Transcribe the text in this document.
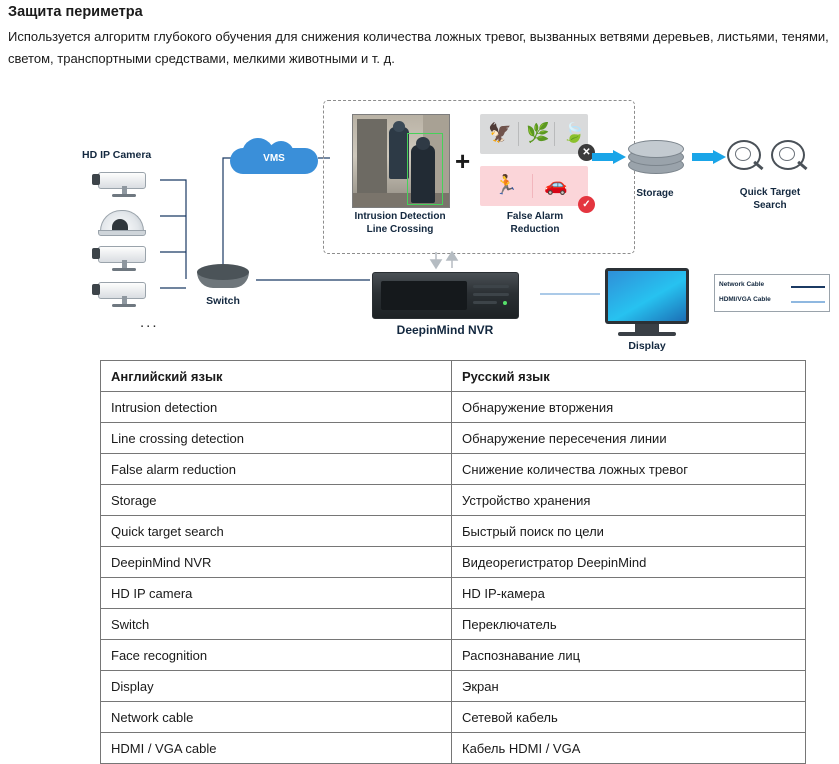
Защита периметра
Используется алгоритм глубокого обучения для снижения количества ложных тревог, вызванных ветвями деревьев, листьями, тенями, светом, транспортными средствами, мелкими животными и т. д.
HD IP Camera
...
VMS
Switch
+
🦅 🌿 🍃
✕
🏃 🚗
✓
Intrusion Detection
Line Crossing
False Alarm
Reduction
Storage	Quick Target
Search
DeepinMind NVR
Display
Network Cable
HDMI/VGA Cable
Английский язык	Русский язык
Intrusion detection	Обнаружение вторжения
Line crossing detection	Обнаружение пересечения линии
False alarm reduction	Снижение количества ложных тревог
Storage	Устройство хранения
Quick target search	Быстрый поиск по цели
DeepinMind NVR	Видеорегистратор DeepinMind
HD IP camera	HD IP-камера
Switch	Переключатель
Face recognition	Распознавание лиц
Display	Экран
Network cable	Сетевой кабель
HDMI / VGA cable	Кабель HDMI / VGA
